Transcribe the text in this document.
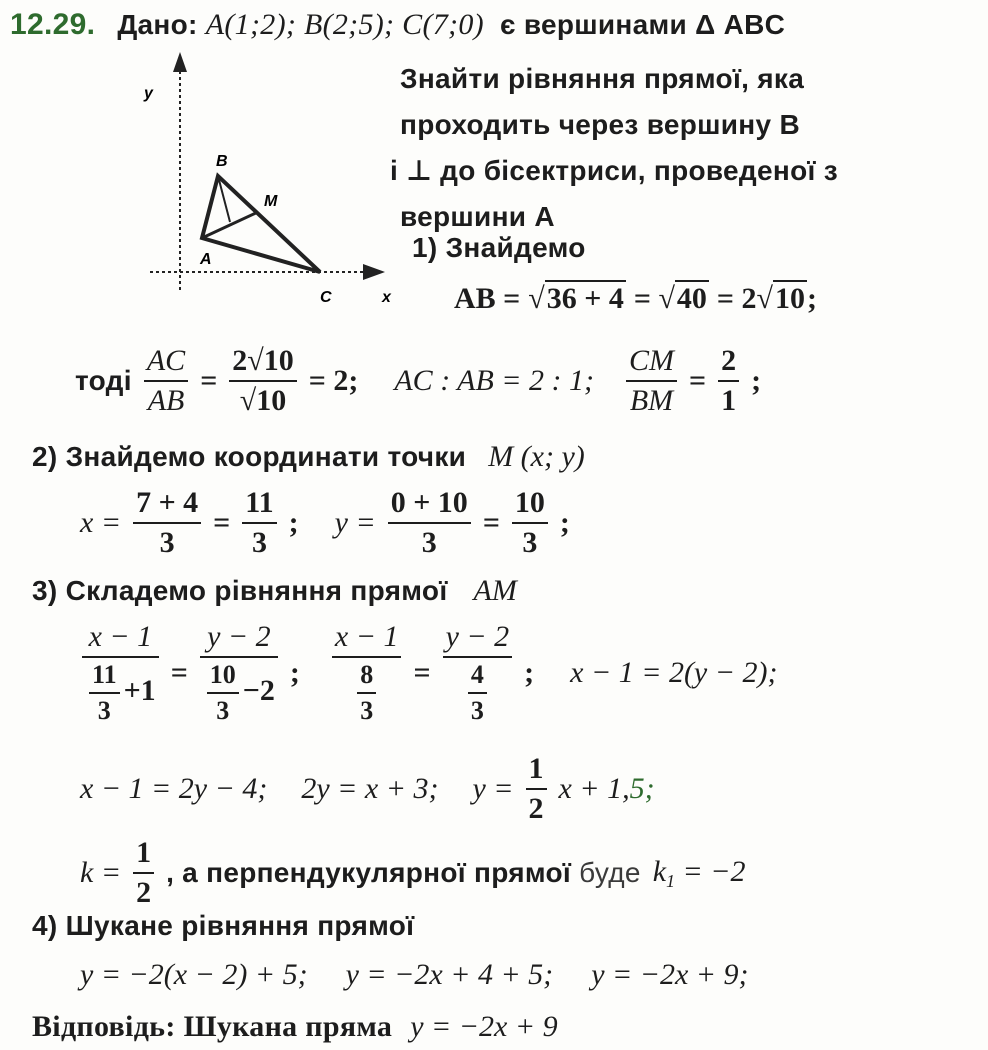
12.29. Дано: A(1;2); B(2;5); C(7;0) є вершинами Δ ABC
Знайти рівняння прямої, яка
проходить через вершину B
і ⊥ до бісектриси, проведеної з
вершини A
y
x
B
M
A
C
1) Знайдемо
AB = √36 + 4 = √40 = 2 √10;
тоді $\frac{AC}{AB} = \frac{2√10}{√10} = 2$; AC : AB = 2 : 1; $\frac{CM}{BM} = \frac{2}{1}$ ;
2) Знайдемо координати точки M (x; y)
$x = \frac{7 + 4}{3} = \frac{11}{3}$ ; $y = \frac{0 + 10}{3} = \frac{10}{3}$ ;
3) Складемо рівняння прямої AM
$\frac{x - 1}{\frac{11}{3} +1} = \frac{y - 2}{\frac{10}{3} -2}$ ; $\frac{x - 1}{\frac{8}{3}} = \frac{y - 2}{\frac{4}{3}}$ ; x − 1 = 2(y − 2);
x − 1 = 2y − 4; 2y = x + 3; $y = \frac{1}{2}$ x + 1,5;
$k = \frac{1}{2}$ , а перпендукулярної прямої буде $k_1 = -2$
4) Шукане рівняння прямої
y = −2(x − 2) + 5; y = −2x + 4 + 5; y = −2x + 9;
Відповідь: Шукана пряма y = −2x + 9
